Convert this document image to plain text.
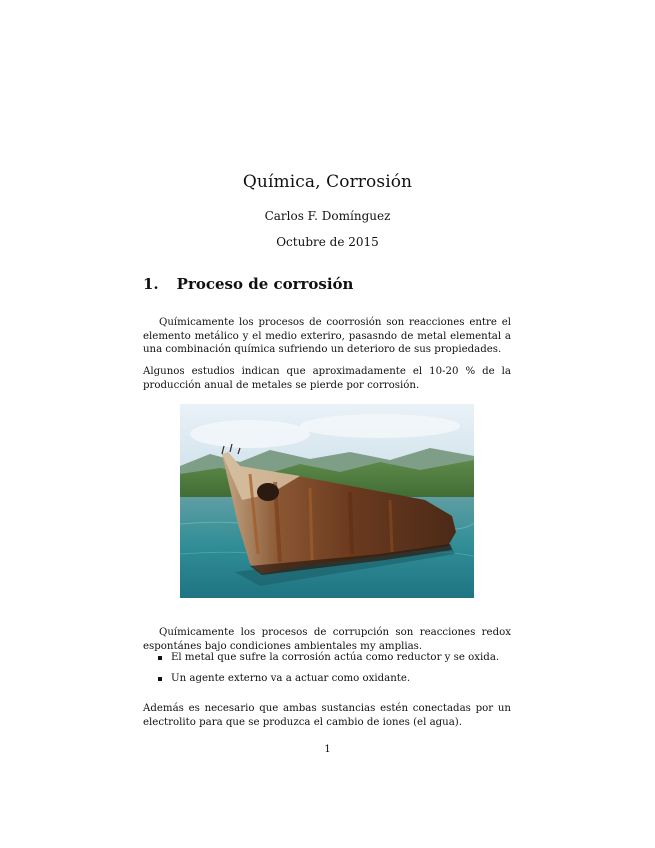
Química, Corrosión
Carlos F. Domínguez
Octubre de 2015
1. Proceso de corrosión

Químicamente los procesos de coorrosión son reacciones entre el elemento metálico y el medio exteriro, pasasndo de metal elemental a una combinación química sufriendo un deterioro de sus propiedades.

Algunos estudios indican que aproximadamente el 10-20 % de la producción anual de metales se pierde por corrosión.

Químicamente los procesos de corrupción son reacciones redox espontánes bajo condiciones ambientales my amplias.

El metal que sufre la corrosión actúa como reductor y se oxida.
Un agente externo va a actuar como oxidante.

Además es necesario que ambas sustancias estén conectadas por un electrolito para que se produzca el cambio de iones (el agua).

1
